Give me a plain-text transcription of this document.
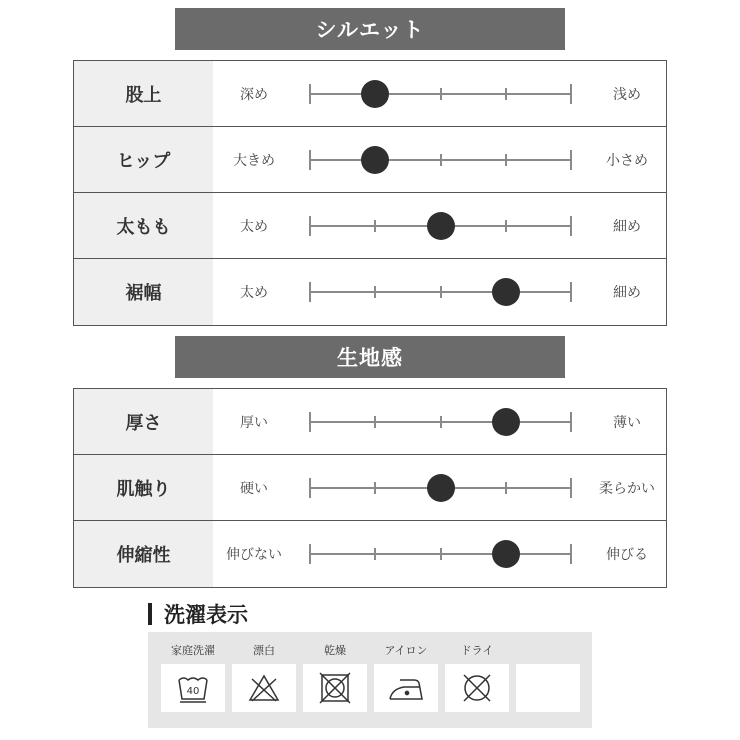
シルエット
股上	深め	浅め
ヒップ	大きめ	小さめ
太もも	太め	細め
裾幅	太め	細め
生地感
厚さ	厚い	薄い
肌触り	硬い	柔らかい
伸縮性	伸びない	伸びる
洗濯表示
家庭洗濯	漂白	乾燥	アイロン	ドライ
40
